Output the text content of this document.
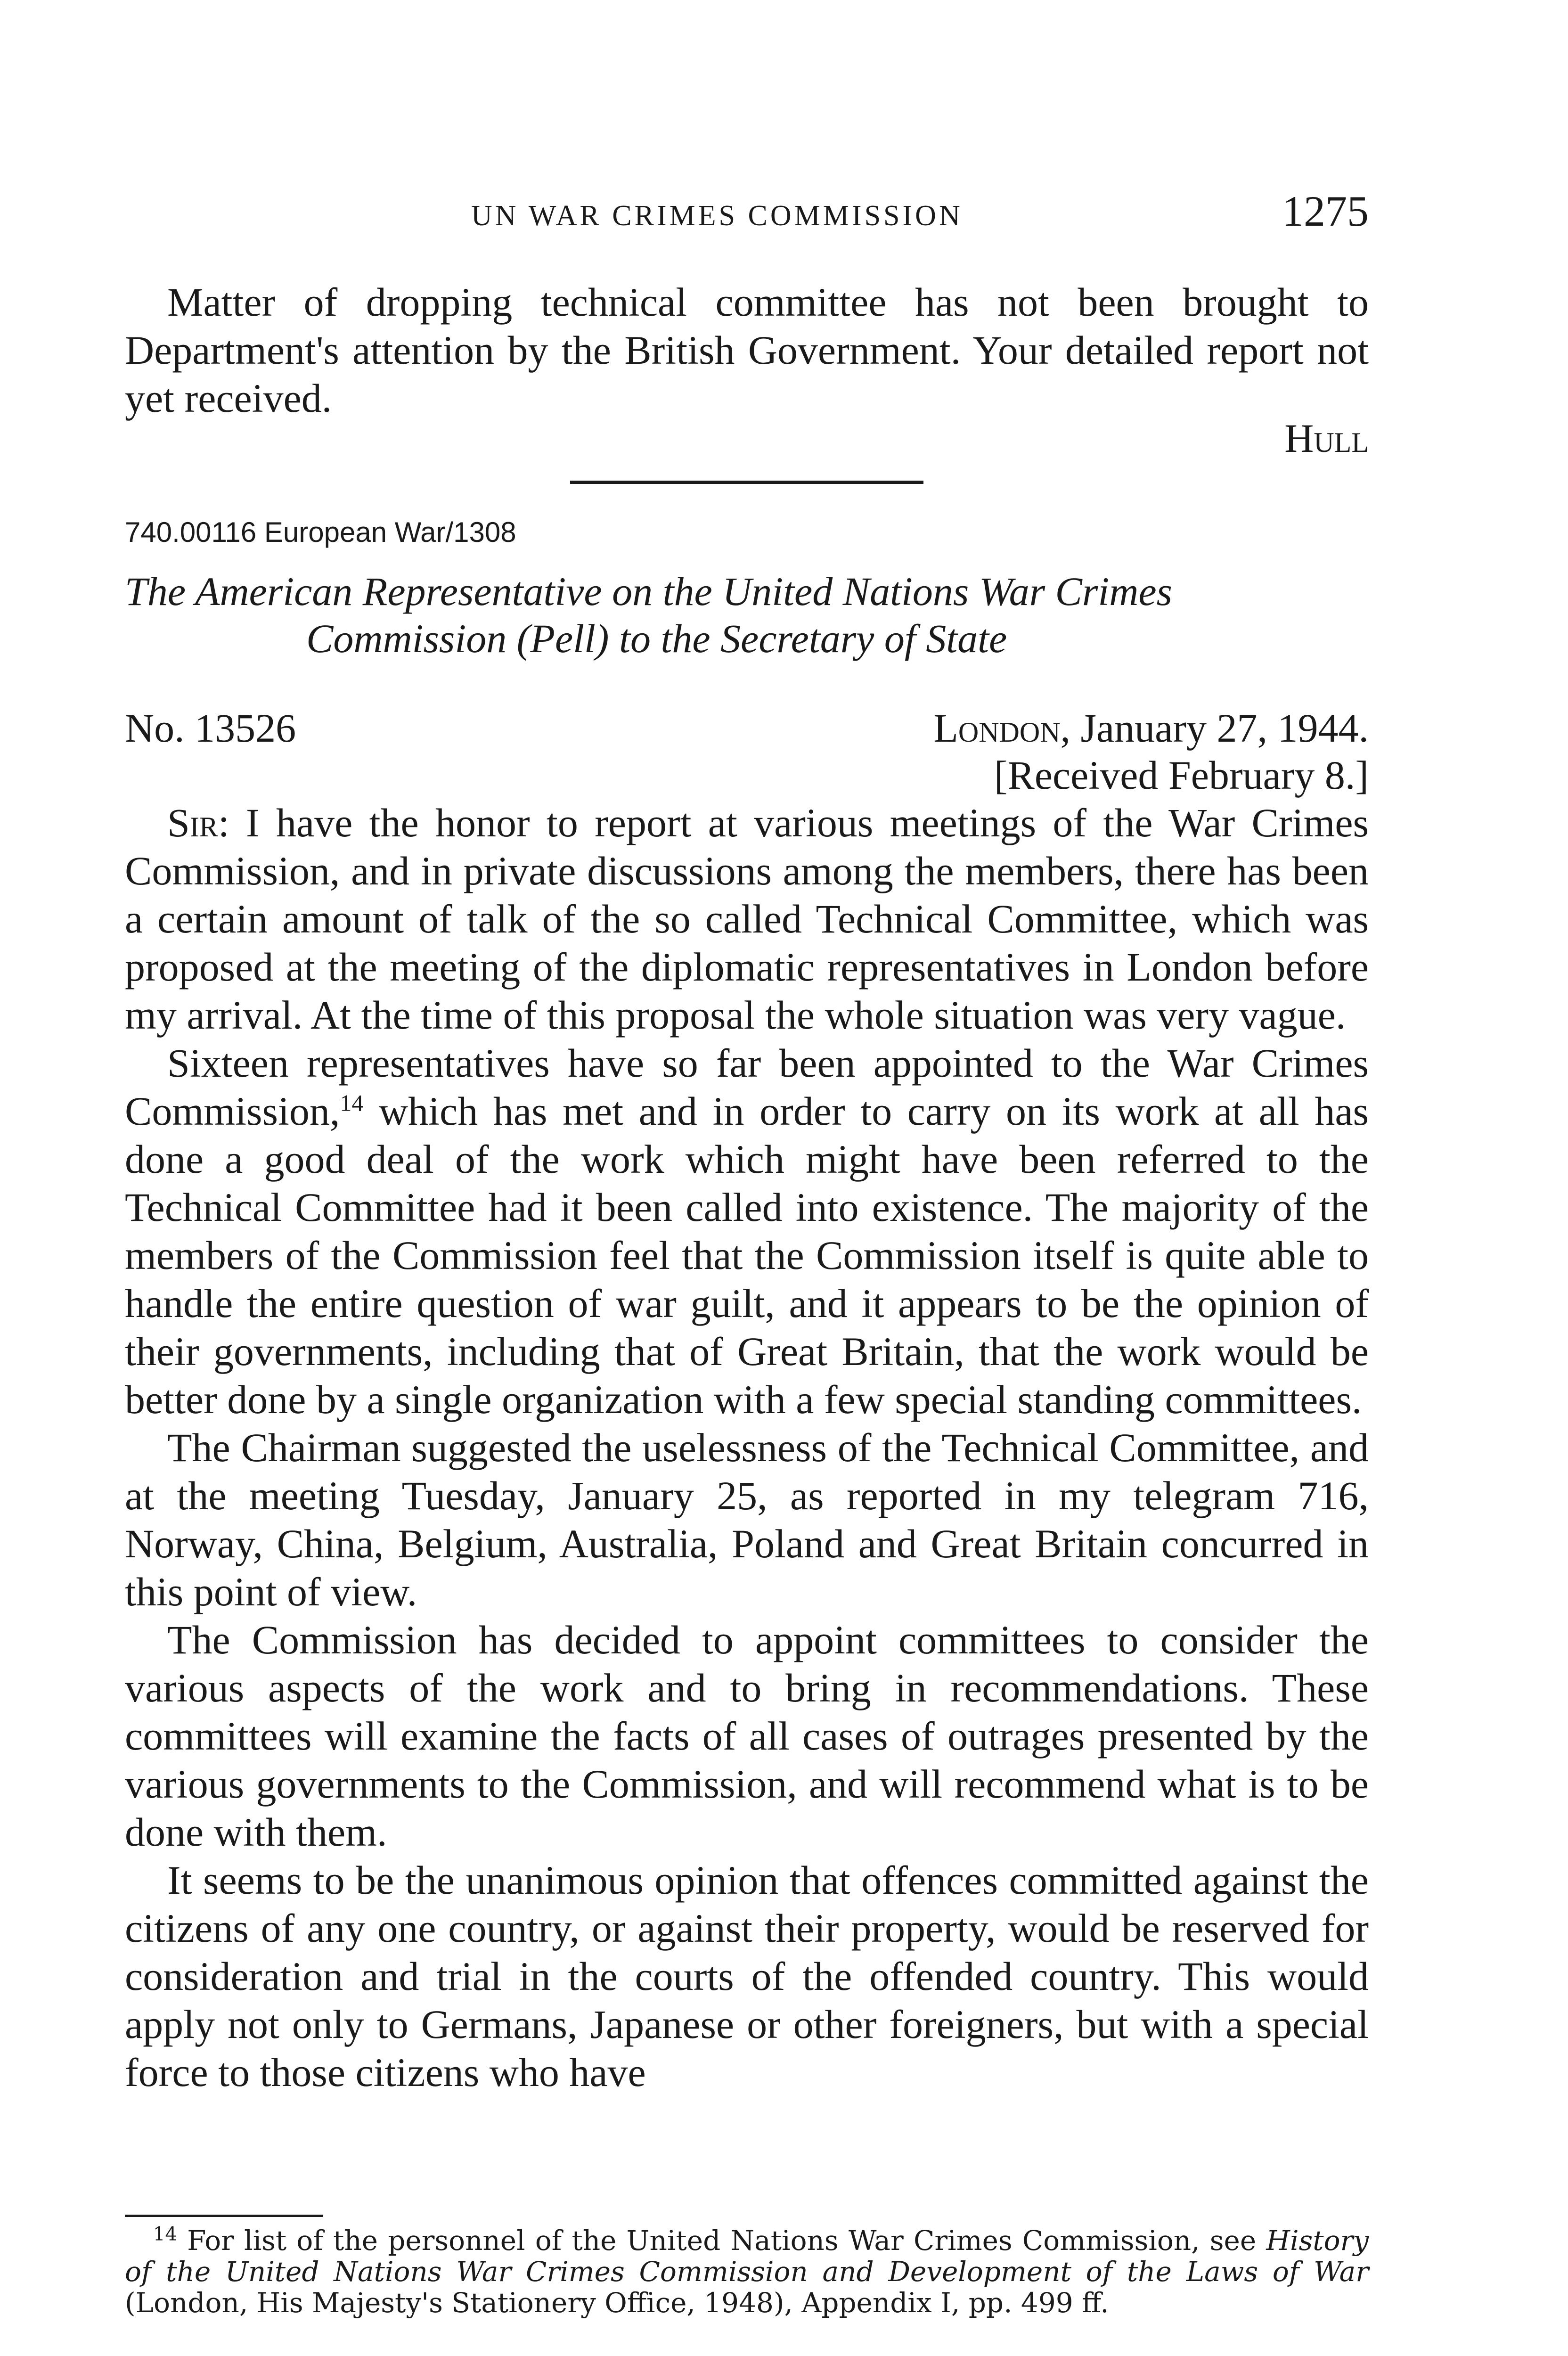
UN WAR CRIMES COMMISSION	1275

Matter of dropping technical committee has not been brought to Department's attention by the British Government. Your detailed report not yet received.

Hull
740.00116 European War/1308
The American Representative on the United Nations War Crimes
Commission (Pell) to the Secretary of State
No. 13526	London, January 27, 1944.
[Received February 8.]

Sir: I have the honor to report at various meetings of the War Crimes Commission, and in private discussions among the members, there has been a certain amount of talk of the so called Technical Committee, which was proposed at the meeting of the diplomatic representatives in London before my arrival. At the time of this proposal the whole situation was very vague.

Sixteen representatives have so far been appointed to the War Crimes Commission,$^{14}$ which has met and in order to carry on its work at all has done a good deal of the work which might have been referred to the Technical Committee had it been called into existence. The majority of the members of the Commission feel that the Commission itself is quite able to handle the entire question of war guilt, and it appears to be the opinion of their governments, including that of Great Britain, that the work would be better done by a single organization with a few special standing committees.

The Chairman suggested the uselessness of the Technical Committee, and at the meeting Tuesday, January 25, as reported in my telegram 716, Norway, China, Belgium, Australia, Poland and Great Britain concurred in this point of view.

The Commission has decided to appoint committees to consider the various aspects of the work and to bring in recommendations. These committees will examine the facts of all cases of outrages presented by the various governments to the Commission, and will recommend what is to be done with them.

It seems to be the unanimous opinion that offences committed against the citizens of any one country, or against their property, would be reserved for consideration and trial in the courts of the offended country. This would apply not only to Germans, Japanese or other foreigners, but with a special force to those citizens who have

$^{14}$ For list of the personnel of the United Nations War Crimes Commission, see History of the United Nations War Crimes Commission and Development of the Laws of War (London, His Majesty's Stationery Office, 1948), Appendix I, pp. 499 ff.
